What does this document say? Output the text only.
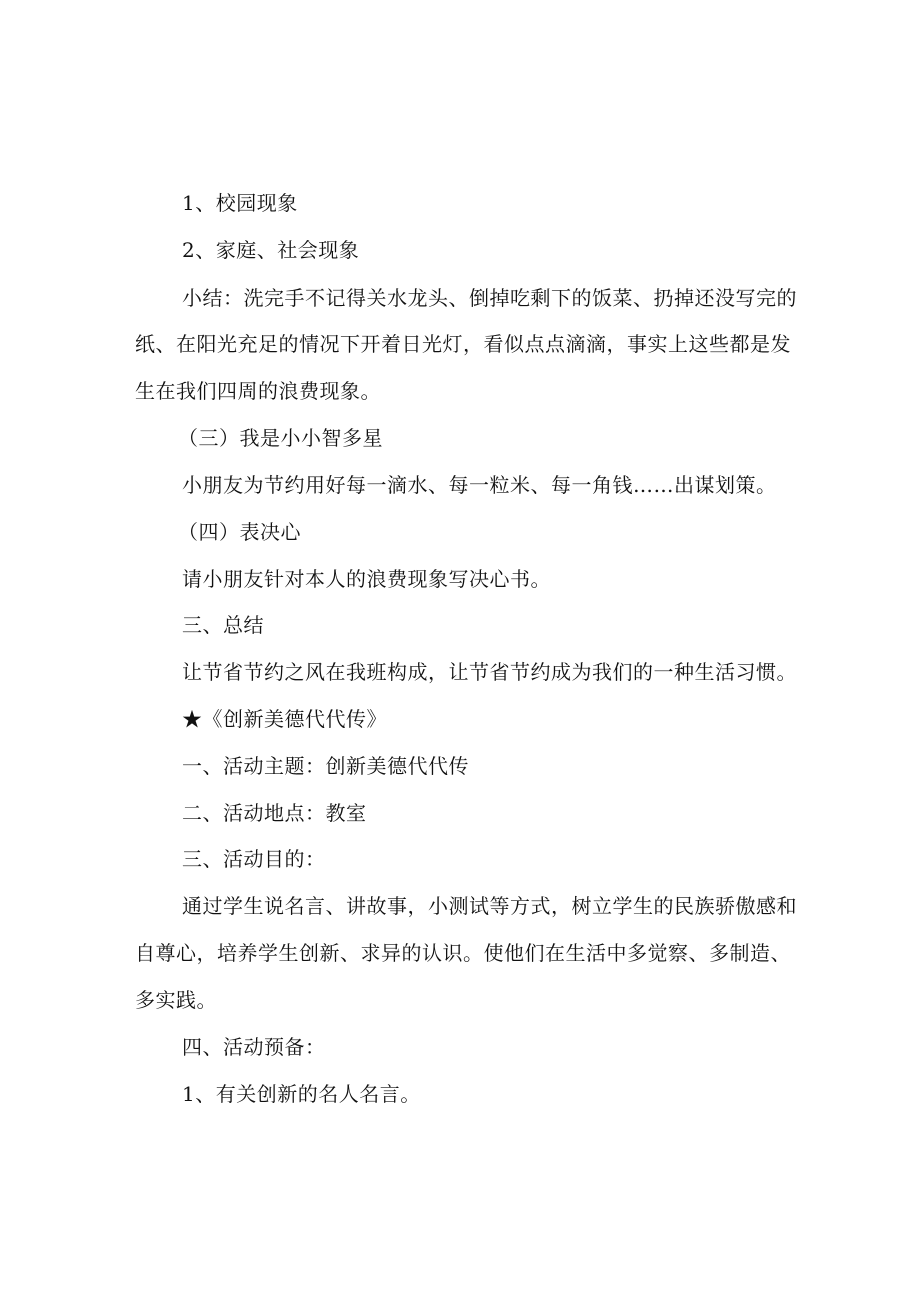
1、校园现象
2、家庭、社会现象
小结：洗完手不记得关水龙头、倒掉吃剩下的饭菜、扔掉还没写完的
纸、在阳光充足的情况下开着日光灯，看似点点滴滴，事实上这些都是发
生在我们四周的浪费现象。
（三）我是小小智多星
小朋友为节约用好每一滴水、每一粒米、每一角钱……出谋划策。
（四）表决心
请小朋友针对本人的浪费现象写决心书。
三、总结
让节省节约之风在我班构成，让节省节约成为我们的一种生活习惯。
★《创新美德代代传》
一、活动主题：创新美德代代传
二、活动地点：教室
三、活动目的：
通过学生说名言、讲故事，小测试等方式，树立学生的民族骄傲感和
自尊心，培养学生创新、求异的认识。使他们在生活中多觉察、多制造、
多实践。
四、活动预备：
1、有关创新的名人名言。
